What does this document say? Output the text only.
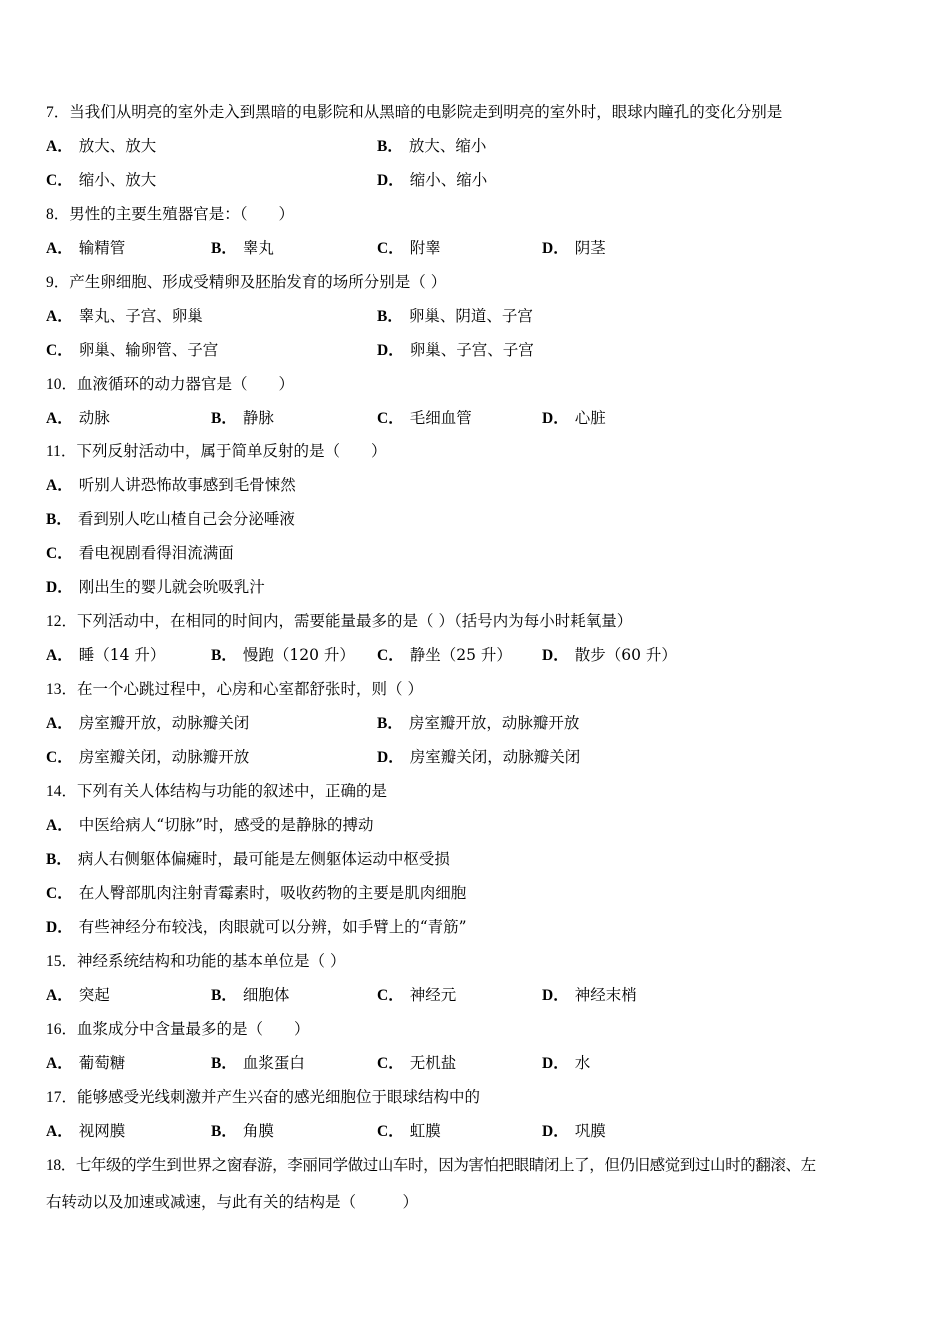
7．当我们从明亮的室外走入到黑暗的电影院和从黑暗的电影院走到明亮的室外时，眼球内瞳孔的变化分别是
A． 放大、放大	B． 放大、缩小
C． 缩小、放大	D． 缩小、缩小
8．男性的主要生殖器官是：（　　）
A． 输精管	B． 睾丸	C． 附睾	D． 阴茎
9．产生卵细胞、形成受精卵及胚胎发育的场所分别是（ ）
A． 睾丸、子宫、卵巢	B． 卵巢、阴道、子宫
C． 卵巢、输卵管、子宫	D． 卵巢、子宫、子宫
10．血液循环的动力器官是（　　）
A． 动脉	B． 静脉	C． 毛细血管	D． 心脏
11．下列反射活动中，属于简单反射的是（　　）
A． 听别人讲恐怖故事感到毛骨悚然
B． 看到别人吃山楂自己会分泌唾液
C． 看电视剧看得泪流满面
D． 刚出生的婴儿就会吮吸乳汁
12．下列活动中，在相同的时间内，需要能量最多的是（ ）（括号内为每小时耗氧量）
A． 睡（14 升）	B． 慢跑（120 升） C． 静坐（25 升） D． 散步（60 升）
13．在一个心跳过程中，心房和心室都舒张时，则（ ）
A． 房室瓣开放，动脉瓣关闭	B． 房室瓣开放，动脉瓣开放
C． 房室瓣关闭，动脉瓣开放	D． 房室瓣关闭，动脉瓣关闭
14．下列有关人体结构与功能的叙述中，正确的是
A． 中医给病人“切脉”时，感受的是静脉的搏动
B． 病人右侧躯体偏瘫时，最可能是左侧躯体运动中枢受损
C． 在人臀部肌肉注射青霉素时，吸收药物的主要是肌肉细胞
D． 有些神经分布较浅，肉眼就可以分辨，如手臂上的“青筋”
15．神经系统结构和功能的基本单位是（ ）
A． 突起	B． 细胞体	C． 神经元	D． 神经末梢
16．血浆成分中含量最多的是（　　）
A． 葡萄糖	B． 血浆蛋白	C． 无机盐	D． 水
17．能够感受光线刺激并产生兴奋的感光细胞位于眼球结构中的
A． 视网膜	B． 角膜	C． 虹膜	D． 巩膜
18．七年级的学生到世界之窗春游，李丽同学做过山车时，因为害怕把眼睛闭上了，但仍旧感觉到过山时的翻滚、左
右转动以及加速或减速，与此有关的结构是（　　　）
